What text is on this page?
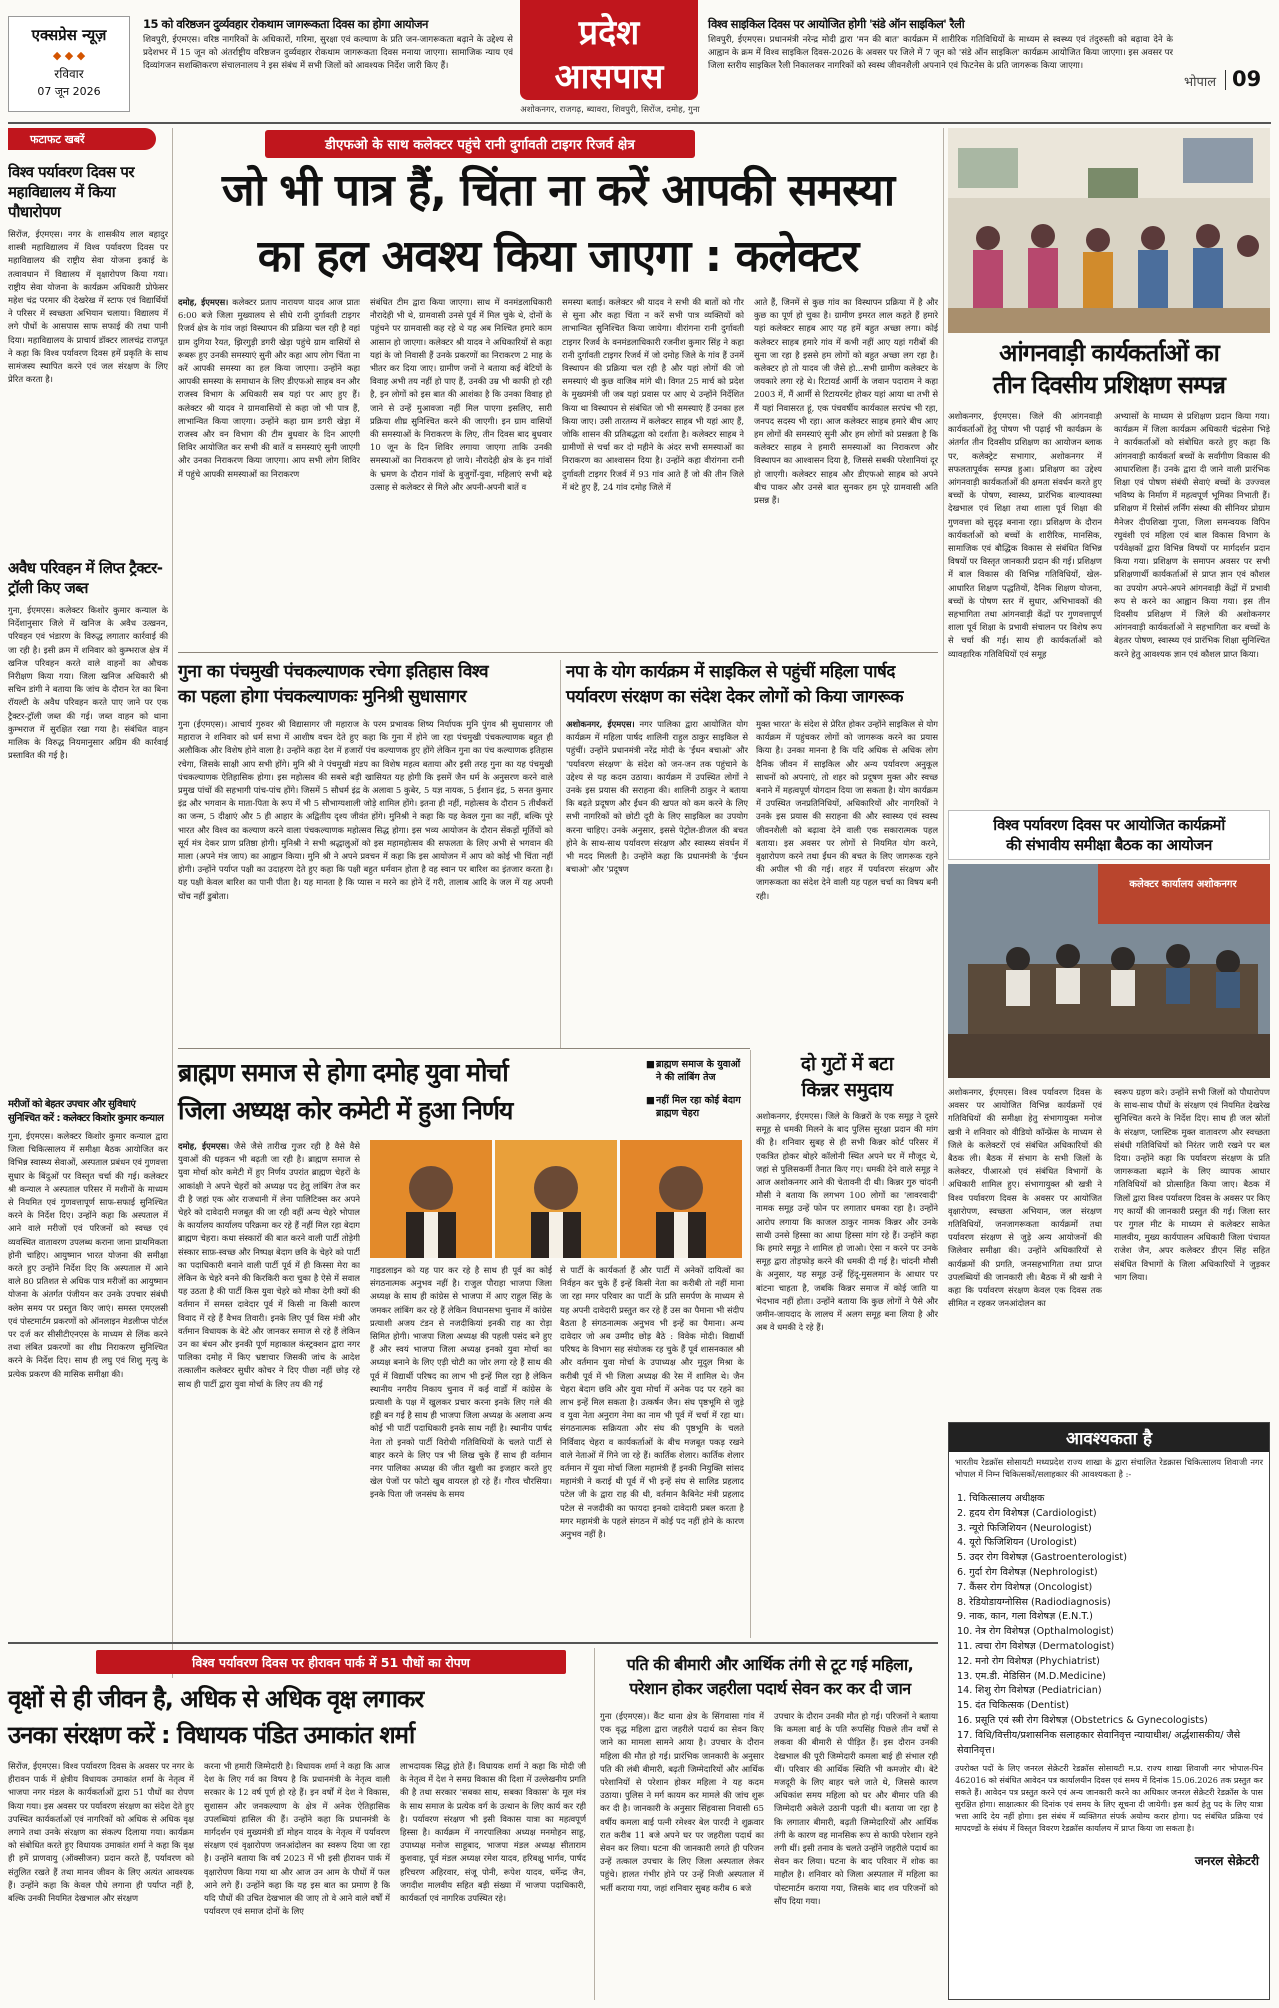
एक्सप्रेस न्यूज़
◆ ◆ ◆
रविवार
07 जून 2026
15 को वरिष्ठजन दुर्व्यवहार रोकथाम जागरूकता दिवस का होगा आयोजन
शिवपुरी, ईएमएस। वरिष्ठ नागरिकों के अधिकारों, गरिमा, सुरक्षा एवं कल्याण के प्रति जन-जागरूकता बढ़ाने के उद्देश्य से प्रदेशभर में 15 जून को अंतर्राष्ट्रीय वरिष्ठजन दुर्व्यवहार रोकथाम जागरूकता दिवस मनाया जाएगा। सामाजिक न्याय एवं दिव्यांगजन सशक्तिकरण संचालनालय ने इस संबंध में सभी जिलों को आवश्यक निर्देश जारी किए हैं।
प्रदेश
आसपास
अशोकनगर, राजगढ़, ब्यावरा, शिवपुरी, सिरोंज, दमोह, गुना
विश्व साइकिल दिवस पर आयोजित होगी 'संडे ऑन साइकिल' रैली
शिवपुरी, ईएमएस। प्रधानमंत्री नरेन्द्र मोदी द्वारा 'मन की बात' कार्यक्रम में शारीरिक गतिविधियों के माध्यम से स्वस्थ्य एवं तंदुरुस्ती को बढ़ावा देने के आह्वान के क्रम में विश्व साइकिल दिवस-2026 के अवसर पर जिले में 7 जून को 'संडे ऑन साइकिल' कार्यक्रम आयोजित किया जाएगा। इस अवसर पर जिला स्तरीय साइकिल रैली निकालकर नागरिकों को स्वस्थ जीवनशैली अपनाने एवं फिटनेस के प्रति जागरूक किया जाएगा।
भोपाल 09
फटाफट खबरें
विश्व पर्यावरण दिवस पर महाविद्यालय में किया पौधारोपण
सिरोंज, ईएमएस। नगर के शासकीय लाल बहादुर शास्त्री महाविद्यालय में विश्व पर्यावरण दिवस पर महाविद्यालय की राष्ट्रीय सेवा योजना इकाई के तत्वावधान में विद्यालय में वृक्षारोपण किया गया। राष्ट्रीय सेवा योजना के कार्यक्रम अधिकारी प्रोफेसर महेश चंद्र परमार की देखरेख में स्टाफ एवं विद्यार्थियों ने परिसर में स्वच्छता अभियान चलाया। विद्यालय में लगे पौधों के आसपास साफ सफाई की तथा पानी दिया। महाविद्यालय के प्राचार्य डॉक्टर लालचंद्र राजपूत ने कहा कि विश्व पर्यावरण दिवस हमें प्रकृति के साथ सामंजस्य स्थापित करने एवं जल संरक्षण के लिए प्रेरित करता है।
अवैध परिवहन में लिप्त ट्रैक्टर-ट्रॉली किए जब्त
गुना, ईएमएस। कलेक्टर किशोर कुमार कन्याल के निर्देशानुसार जिले में खनिज के अवैध उत्खनन, परिवहन एवं भंडारण के विरुद्ध लगातार कार्रवाई की जा रही है। इसी क्रम में शनिवार को कुम्भराज क्षेत्र में खनिज परिवहन करते वाले वाहनों का औचक निरीक्षण किया गया। जिला खनिज अधिकारी श्री सचिन डांगी ने बताया कि जांच के दौरान रेत का बिना रॉयल्टी के अवैध परिवहन करते पाए जाने पर एक ट्रैक्टर-ट्रॉली जब्त की गई। जब्त वाहन को थाना कुम्भराज में सुरक्षित रखा गया है। संबंधित वाहन मालिक के विरुद्ध नियमानुसार अग्रिम की कार्रवाई प्रस्तावित की गई है।
मरीजों को बेहतर उपचार और सुविधाएं सुनिश्चित करें : कलेक्टर किशोर कुमार कन्याल
गुना, ईएमएस। कलेक्टर किशोर कुमार कन्याल द्वारा जिला चिकित्सालय में समीक्षा बैठक आयोजित कर विभिन्न स्वास्थ्य सेवाओं, अस्पताल प्रबंधन एवं गुणवत्ता सुधार के बिंदुओं पर विस्तृत चर्चा की गई। कलेक्टर श्री कन्याल ने अस्पताल परिसर में मशीनों के माध्यम से नियमित एवं गुणवत्तापूर्ण साफ-सफाई सुनिश्चित करने के निर्देश दिए। उन्होंने कहा कि अस्पताल में आने वाले मरीजों एवं परिजनों को स्वच्छ एवं व्यवस्थित वातावरण उपलब्ध कराना जाना प्राथमिकता होनी चाहिए। आयुष्मान भारत योजना की समीक्षा करते हुए उन्होंने निर्देश दिए कि अस्पताल में आने वाले 80 प्रतिशत से अधिक पात्र मरीजों का आयुष्मान योजना के अंतर्गत पंजीयन कर उनके उपचार संबंधी क्लेम समय पर प्रस्तुत किए जाएं। समस्त एमएलसी एवं पोस्टमार्टम प्रकरणों को ऑनलाइन मेडलीप्स पोर्टल पर दर्ज कर सीसीटीएनएस के माध्यम से लिंक करने तथा लंबित प्रकरणों का शीघ्र निराकरण सुनिश्चित करने के निर्देश दिए। साथ ही लघु एवं शिशु मृत्यु के प्रत्येक प्रकरण की मासिक समीक्षा की।
डीएफओ के साथ कलेक्टर पहुंचे रानी दुर्गावती टाइगर रिजर्व क्षेत्र
जो भी पात्र हैं, चिंता ना करें आपकी समस्या
का हल अवश्य किया जाएगा : कलेक्टर
दमोह, ईएमएस। कलेक्टर प्रताप नारायण यादव आज प्रातः 6:00 बजे जिला मुख्यालय से सीधे रानी दुर्गावती टाइगर रिजर्व क्षेत्र के गांव जहां विस्थापन की प्रक्रिया चल रही है वहां ग्राम दुगिया रैयत, झिरगुड़ी डगरी खेड़ा पहुंचे ग्राम वासियों से रूबरू हुए उनकी समस्याएं सुनी और कहा आप लोग चिंता ना करें आपकी समस्या का हल किया जाएगा। उन्होंने कहा आपकी समस्या के समाधान के लिए डीएफओ साहब वन और राजस्व विभाग के अधिकारी सब यहां पर आए हुए हैं। कलेक्टर श्री यादव ने ग्रामवासियों से कहा जो भी पात्र हैं, लाभान्वित किया जाएगा। उन्होंने कहा ग्राम डगरी खेड़ा में राजस्व और वन विभाग की टीम बुधवार के दिन आएगी शिविर आयोजित कर सभी की बातें व समस्याएं सुनी जाएगी और उनका निराकरण किया जाएगा। आप सभी लोग शिविर में पहुंचे आपकी समस्याओं का निराकरण
संबंधित टीम द्वारा किया जाएगा। साथ में वनमंडलाधिकारी नौरादेही भी थे, ग्रामवासी उनसे पूर्व में मिल चुके थे, दोनों के पहुंचने पर ग्रामवासी कह रहे थे यह अब निश्चित हमारे काम आसान हो जाएगा। कलेक्टर श्री यादव ने अधिकारियों से कहा यहां के जो निवासी हैं उनके प्रकरणों का निराकरण 2 माह के भीतर कर दिया जाए। ग्रामीण जनों ने बताया कई बेटियों के विवाह अभी तय नहीं हो पाए हैं, उनकी उम्र भी काफी हो रही है, इन लोगों को इस बात की आशंका है कि उनका विवाह हो जाने से उन्हें मुआवजा नहीं मिल पाएगा इसलिए, सारी प्रक्रिया शीघ्र सुनिश्चित करने की जाएगी। इन ग्राम वासियों की समस्याओं के निराकरण के लिए, तीन दिवस बाद बुधवार 10 जून के दिन शिविर लगाया जाएगा ताकि उनकी समस्याओं का निराकरण हो जाये। नौरादेही क्षेत्र के इन गांवों के भ्रमण के दौरान गांवों के बुजुर्गों-युवा, महिलाएं सभी बढ़े उत्साह से कलेक्टर से मिले और अपनी-अपनी बातें व
समस्या बताई। कलेक्टर श्री यादव ने सभी की बातों को गौर से सुना और कहा चिंता न करें सभी पात्र व्यक्तियों को लाभान्वित सुनिश्चित किया जायेगा। वीरांगना रानी दुर्गावती टाइगर रिजर्व के वनमंडलाधिकारी रजनीश कुमार सिंह ने कहा रानी दुर्गावती टाइगर रिजर्व में जो दमोह जिले के गांव हैं उनमें विस्थापन की प्रक्रिया चल रही है और यहां लोगों की जो समस्याएं थी कुछ वाजिब मांगे थी। विगत 25 मार्च को प्रदेश के मुख्यमंत्री जी जब यहां प्रवास पर आए थे उन्होंने निर्देशित किया था विस्थापन से संबंधित जो भी समस्याएं हैं उनका हल किया जाए। उसी तारतम्य में कलेक्टर साहब भी यहां आए हैं, जोकि शासन की प्रतिबद्धता को दर्शाता है। कलेक्टर साहब ने ग्रामीणों से चर्चा कर दो महीने के अंदर सभी समस्याओं का निराकरण का आश्वासन दिया है। उन्होंने कहा वीरांगना रानी दुर्गावती टाइगर रिजर्व में 93 गांव आते हैं जो की तीन जिले में बंटे हुए हैं, 24 गांव दमोह जिले में
आते हैं, जिनमें से कुछ गांव का विस्थापन प्रक्रिया में है और कुछ का पूर्ण हो चुका है। ग्रामीण इमरत लाल कहते हैं हमारे यहां कलेक्टर साहब आए यह हमें बहुत अच्छा लगा। कोई कलेक्टर साहब हमारे गांव में कभी नहीं आए यहां गरीबों की सुना जा रहा है इससे हम लोगों को बहुत अच्छा लग रहा है। कलेक्टर हो तो यादव जी जैसे हो...सभी ग्रामीण कलेक्टर के जयकारे लगा रहे थे। रिटायर्ड आर्मी के जवान पदाराम ने कहा 2003 में, मैं आर्मी से रिटायरमेंट होकर यहां आया था तभी से मैं यहां निवासरत हूं, एक पंचवर्षीय कार्यकाल सरपंच भी रहा, जनपद सदस्य भी रहा। आज कलेक्टर साहब हमारे बीच आए हम लोगों की समस्याएं सुनी और हम लोगों को प्रसन्नता है कि कलेक्टर साहब ने हमारी समस्याओं का निराकरण और विस्थापन का आश्वासन दिया है, जिससे सबकी परेशानियां दूर हो जाएगी। कलेक्टर साहब और डीएफओ साहब को अपने बीच पाकर और उनसे बात सुनकर हम पूरे ग्रामवासी अति प्रसन्न हैं।
आंगनवाड़ी कार्यकर्ताओं का
तीन दिवसीय प्रशिक्षण सम्पन्न
अशोकनगर, ईएमएस। जिले की आंगनवाड़ी कार्यकर्ताओं हेतु पोषण भी पढ़ाई भी कार्यक्रम के अंतर्गत तीन दिवसीय प्रशिक्षण का आयोजन ब्लाक पर, कलेक्ट्रेट सभागार, अशोकनगर में सफलतापूर्वक सम्पन्न हुआ। प्रशिक्षण का उद्देश्य आंगनवाड़ी कार्यकर्ताओं की क्षमता संवर्धन करते हुए बच्चों के पोषण, स्वास्थ्य, प्रारंभिक बाल्यावस्था देखभाल एवं शिक्षा तथा शाला पूर्व शिक्षा की गुणवत्ता को सुदृढ़ बनाना रहा। प्रशिक्षण के दौरान कार्यकर्ताओं को बच्चों के शारीरिक, मानसिक, सामाजिक एवं बौद्धिक विकास से संबंधित विभिन्न विषयों पर विस्तृत जानकारी प्रदान की गई। प्रशिक्षण में बाल विकास की विभिन्न गतिविधियों, खेल-आधारित शिक्षण पद्धतियों, दैनिक शिक्षण योजना, बच्चों के पोषण स्तर में सुधार, अभिभावकों की सहभागिता तथा आंगनवाड़ी केंद्रों पर गुणवत्तापूर्ण शाला पूर्व शिक्षा के प्रभावी संचालन पर विशेष रूप से चर्चा की गई। साथ ही कार्यकर्ताओं को व्यावहारिक गतिविधियों एवं समूह
अभ्यासों के माध्यम से प्रशिक्षण प्रदान किया गया। कार्यक्रम में जिला कार्यक्रम अधिकारी चंद्रसेना भिड़े ने कार्यकर्ताओं को संबोधित करते हुए कहा कि आंगनवाड़ी कार्यकर्ता बच्चों के सर्वांगीण विकास की आधारशिला हैं। उनके द्वारा दी जाने वाली प्रारंभिक शिक्षा एवं पोषण संबंधी सेवाएं बच्चों के उज्ज्वल भविष्य के निर्माण में महत्वपूर्ण भूमिका निभाती हैं। प्रशिक्षण में रिसोर्स लर्निंग संस्था की सीनियर प्रोग्राम मैनेजर दीपशिखा गुप्ता, जिला समन्वयक विपिन रघुवंशी एवं महिला एवं बाल विकास विभाग के पर्यवेक्षकों द्वारा विभिन्न विषयों पर मार्गदर्शन प्रदान किया गया। प्रशिक्षण के समापन अवसर पर सभी प्रशिक्षणार्थी कार्यकर्ताओं से प्राप्त ज्ञान एवं कौशल का उपयोग अपने-अपने आंगनवाड़ी केंद्रों में प्रभावी रूप से करने का आह्वान किया गया। इस तीन दिवसीय प्रशिक्षण में जिले की अशोकनगर आंगनवाड़ी कार्यकर्ताओं ने सहभागिता कर बच्चों के बेहतर पोषण, स्वास्थ्य एवं प्रारंभिक शिक्षा सुनिश्चित करने हेतु आवश्यक ज्ञान एवं कौशल प्राप्त किया।
गुना का पंचमुखी पंचकल्याणक रचेगा इतिहास विश्व
का पहला होगा पंचकल्याणकः मुनिश्री सुधासागर
गुना (ईएमएस)। आचार्य गुरुवर श्री विद्यासागर जी महाराज के परम प्रभावक शिष्य निर्यापक मुनि पुंगव श्री सुधासागर जी महाराज ने शनिवार को धर्म सभा में आशीष वचन देते हुए कहा कि गुना में होने जा रहा पंचमुखी पंचकल्याणक बहुत ही अलौकिक और विशेष होने वाला है। उन्होंने कहा देश में हजारों पंच कल्याणक हुए होंगे लेकिन गुना का पंच कल्याणक इतिहास रचेगा, जिसके साक्षी आप सभी होंगे। मुनि श्री ने पंचमुखी मंडप का विशेष महत्व बताया और इसी तरह गुना का यह पंचमुखी पंचकल्याणक ऐतिहासिक होगा। इस महोत्सव की सबसे बड़ी खासियत यह होगी कि इसमें जैन धर्म के अनुसरण करने वाले प्रमुख पांचों की सहभागी पांच-पांच होंगे। जिसमें 5 सौधर्म इंद्र के अलावा 5 कुबेर, 5 यज्ञ नायक, 5 ईशान इंद्र, 5 सनत कुमार इंद्र और भगवान के माता-पिता के रूप में भी 5 सौभाग्यशाली जोड़े शामिल होंगे। इतना ही नहीं, महोत्सव के दौरान 5 तीर्थंकरों का जन्म, 5 दीक्षाएं और 5 ही आहार के अद्वितीय दृश्य जीवंत होंगे। मुनिश्री ने कहा कि यह केवल गुना का नहीं, बल्कि पूरे भारत और विश्व का कल्याण करने वाला पंचकल्याणक महोत्सव सिद्ध होगा। इस भव्य आयोजन के दौरान सेंकड़ों मूर्तियों को सूर्य मंत्र देकर प्राण प्रतिष्ठा होगी। मुनिश्री ने सभी श्रद्धालुओं को इस महामहोत्सव की सफलता के लिए अभी से भगवान की माला (अपने मंत्र जाप) का आह्वान किया। मुनि श्री ने अपने प्रवचन में कहा कि इस आयोजन में आप को कोई भी चिंता नहीं होगी। उन्होंने पर्याप्त पक्षी का उदाहरण देते हुए कहा कि पक्षी बहुत धर्मवान होता है वह स्वान पर बारिश का इंतजार करता है। यह पक्षी केवल बारिश का पानी पीता है। यह मानता है कि प्यास न मरने का होने दें गरी, तालाब आदि के जल में यह अपनी चोंच नहीं डुबोता।
नपा के योग कार्यक्रम में साइकिल से पहुंचीं महिला पार्षद
पर्यावरण संरक्षण का संदेश देकर लोगों को किया जागरूक
अशोकनगर, ईएमएस। नगर पालिका द्वारा आयोजित योग कार्यक्रम में महिला पार्षद शालिनी राहुल ठाकुर साइकिल से पहुंचीं। उन्होंने प्रधानमंत्री नरेंद्र मोदी के 'ईंधन बचाओ' और 'पर्यावरण संरक्षण' के संदेश को जन-जन तक पहुंचाने के उद्देश्य से यह कदम उठाया। कार्यक्रम में उपस्थित लोगों ने उनके इस प्रयास की सराहना की। शालिनी ठाकुर ने बताया कि बढ़ते प्रदूषण और ईंधन की खपत को कम करने के लिए सभी नागरिकों को छोटी दूरी के लिए साइकिल का उपयोग करना चाहिए। उनके अनुसार, इससे पेट्रोल-डीजल की बचत होने के साथ-साथ पर्यावरण संरक्षण और स्वास्थ्य संवर्धन में भी मदद मिलती है। उन्होंने कहा कि प्रधानमंत्री के 'ईंधन बचाओ' और 'प्रदूषण
मुक्त भारत' के संदेश से प्रेरित होकर उन्होंने साइकिल से योग कार्यक्रम में पहुंचकर लोगों को जागरूक करने का प्रयास किया है। उनका मानना है कि यदि अधिक से अधिक लोग दैनिक जीवन में साइकिल और अन्य पर्यावरण अनुकूल साधनों को अपनाएं, तो शहर को प्रदूषण मुक्त और स्वच्छ बनाने में महत्वपूर्ण योगदान दिया जा सकता है। योग कार्यक्रम में उपस्थित जनप्रतिनिधियों, अधिकारियों और नागरिकों ने उनके इस प्रयास की सराहना की और स्वास्थ्य एवं स्वस्थ जीवनशैली को बढ़ावा देने वाली एक सकारात्मक पहल बताया। इस अवसर पर लोगों से नियमित योग करने, वृक्षारोपण करने तथा ईंधन की बचत के लिए जागरूक रहने की अपील भी की गई। शहर में पर्यावरण संरक्षण और जागरूकता का संदेश देने वाली यह पहल चर्चा का विषय बनी रही।
दो गुटों में बटा
किन्नर समुदाय
अशोकनगर, ईएमएस। जिले के किन्नरों के एक समूह ने दूसरे समूह से धमकी मिलने के बाद पुलिस सुरक्षा प्रदान की मांग की है। शनिवार सुबह से ही सभी किन्नर कोर्ट परिसर में एकत्रित होकर बोहरे कॉलोनी स्थित अपने घर में मौजूद थे, जहां से पुलिसकर्मी तैनात किए गए। धमकी देने वाले समूह ने आज अशोकनगर आने की चेतावनी दी थी। किन्नर गुरु चांदनी मौसी ने बताया कि लगभग 100 लोगों का 'लावरवादी' नामक समूह उन्हें फोन पर लगातार धमका रहा है। उन्होंने आरोप लगाया कि काजल ठाकुर नामक किन्नर और उनके साथी उनसे हिस्सा का आधा हिस्सा मांग रहे हैं। उन्होंने कहा कि हमारे समूह ने शामिल हो जाओ। ऐसा न करने पर उनके समूह द्वारा तोड़फोड़ करने की धमकी दी गई है। चांदनी मौसी के अनुसार, यह समूह उन्हें हिंदू-मुसलमान के आधार पर बांटना चाहता है, जबकि किन्नर समाज में कोई जाति या भेदभाव नहीं होता। उन्होंने बताया कि कुछ लोगों ने पैसे और जमीन-जायदाद के लालच में अलग समूह बना लिया है और अब वे धमकी दे रहे हैं।
विश्व पर्यावरण दिवस पर आयोजित कार्यक्रमों
की संभावीय समीक्षा बैठक का आयोजन
कलेक्टर कार्यालय अशोकनगर
अशोकनगर, ईएमएस। विश्व पर्यावरण दिवस के अवसर पर आयोजित विभिन्न कार्यक्रमों एवं गतिविधियों की समीक्षा हेतु संभागायुक्त मनोज खत्री ने शनिवार को वीडियो कॉन्फ्रेंस के माध्यम से जिले के कलेक्टरों एवं संबंधित अधिकारियों की बैठक ली। बैठक में संभाग के सभी जिलों के कलेक्टर, पीआरओ एवं संबंधित विभागों के अधिकारी शामिल हुए। संभागायुक्त श्री खत्री ने विश्व पर्यावरण दिवस के अवसर पर आयोजित वृक्षारोपण, स्वच्छता अभियान, जल संरक्षण गतिविधियों, जनजागरूकता कार्यक्रमों तथा पर्यावरण संरक्षण से जुड़े अन्य आयोजनों की जिलेवार समीक्षा की। उन्होंने अधिकारियों से कार्यक्रमों की प्रगति, जनसहभागिता तथा प्राप्त उपलब्धियों की जानकारी ली। बैठक में श्री खत्री ने कहा कि पर्यावरण संरक्षण केवल एक दिवस तक सीमित न रहकर जनआंदोलन का
स्वरूप ग्रहण करे। उन्होंने सभी जिलों को पौधारोपण के साथ-साथ पौधों के संरक्षण एवं नियमित देखरेख सुनिश्चित करने के निर्देश दिए। साथ ही जल स्रोतों के संरक्षण, प्लास्टिक मुक्त वातावरण और स्वच्छता संबंधी गतिविधियों को निरंतर जारी रखने पर बल दिया। उन्होंने कहा कि पर्यावरण संरक्षण के प्रति जागरूकता बढ़ाने के लिए व्यापक आधार गतिविधियों को प्रोत्साहित किया जाए। बैठक में जिलों द्वारा विश्व पर्यावरण दिवस के अवसर पर किए गए कार्यों की जानकारी प्रस्तुत की गई। जिला स्तर पर गुगल मीट के माध्यम से कलेक्टर साकेत मालवीय, मुख्य कार्यपालन अधिकारी जिला पंचायत राजेश जैन, अपर कलेक्टर डीएन सिंह सहित संबंधित विभागों के जिला अधिकारियों ने जुड़कर भाग लिया।
ब्राह्मण समाज से होगा दमोह युवा मोर्चा
जिला अध्यक्ष कोर कमेटी में हुआ निर्णय
■ ब्राह्मण समाज के युवाओं ने की लांबिंग तेज
■ नहीं मिल रहा कोई बेदाग ब्राह्मण चेहरा
दमोह, ईएमएस। जैसे जैसे तारीख गुजर रही है वैसे वैसे युवाओं की धड़कन भी बढ़ती जा रही है। ब्राह्मण समाज से युवा मोर्चा कोर कमेटी में हुए निर्णय उपरांत ब्राह्मण चेहरों के आकांक्षी ने अपने चेहरों को अध्यक्ष पद हेतु लांबिंग तेज कर दी है जहां एक ओर राजधानी में लेना पालिटिक्स कर अपने चेहरे को दावेदारी मजबूत की जा रही वहीं अन्य चेहरे भोपाल के कार्यालय कार्यालय परिक्रमा कर रहे हैं नहीं मिल रहा बेदाग ब्राह्मण चेहरा। कथा संस्कारों की बात करने वाली पार्टी तोड़ेगी संस्कार साफ़-स्वच्छ और निष्पक्ष बेदाग छवि के चेहरे को पार्टी का पदाधिकारी बनाने वाली पार्टी पूर्व में ही किस्सा मेरा का लेकिन के चेहरे बनने की किरकिरी करा चुका है ऐसे में सवाल यह उठता है की पार्टी किस युवा चेहरे को मौका देगी क्यों की वर्तमान में समस्त दावेदार पूर्व में किसी ना किसी कारण विवाद में रहे हैं वैभव तिवारी। इनके लिए पूर्व विस मंत्री और वर्तमान विधायक के बेटे और जानकर समाज से रहे हैं लेकिन उन का बंधन और इनकी पूर्ण महाकाल कंस्ट्रक्शन द्वारा नगर पालिका दमोह में किए भ्रष्टाचार जिसकी जांच के आदेश तत्कालीन कलेक्टर सुधीर कोचर ने दिए पीछा नहीं छोड़ रहे साथ ही पार्टी द्वारा युवा मोर्चा के लिए तय की गई
गाइडलाइन को यह पार कर रहे है साथ ही पूर्व का कोई संगठनात्मक अनुभव नहीं है। राजुल पौराहा भाजपा जिला अध्यक्ष के साथ ही कांग्रेस से भाजपा में आए राहुल सिंह के जमकर लांबिंग कर रहे हैं लेकिन विधानसभा चुनाव में कांग्रेस प्रत्याशी अजय टंडन से नजदीकियां इनकी राह का रोड़ा सिमित होगी। भाजपा जिला अध्यक्ष की पहली पसंद बने हुए हैं और स्वयं भाजपा जिला अध्यक्ष इनको युवा मोर्चा का अध्यक्ष बनाने के लिए एड़ी चोटी का जोर लगा रहे हैं साथ की पूर्व में विद्यार्थी परिषद का लाभ भी इन्हें मिल रहा है लेकिन स्थानीय नगरीय निकाय चुनाव में कई वार्डों में कांग्रेस के प्रत्याशी के पक्ष में खुलकर प्रचार करना इनके लिए गले की हड्डी बन गई है साथ ही भाजपा जिला अध्यक्ष के अलावा अन्य कोई भी पार्टी पदाधिकारी इनके साथ नहीं है। स्थानीय पार्षद नेता तो इनको पार्टी विरोधी गतिविधियों के चलते पार्टी से बाहर करने के लिए पत्र भी लिख चुके हैं साथ ही वर्तमान नगर पालिका अध्यक्ष की जीत खुशी का इजहार करते हुए खेल पेजों पर फोटो खुब वायरल हो रहे हैं। गौरव चौरसिया। इनके पिता जी जनसंघ के समय
से पार्टी के कार्यकर्ता हैं और पार्टी में अनेकों दायित्वों का निर्वहन कर चुके हैं इन्हें किसी नेता का करीबी तो नहीं माना जा रहा मगर परिवार का पार्टी के प्रति समर्पण के माध्यम से यह अपनी दावेदारी प्रस्तुत कर रहे हैं उस का पैमाना भी संदीप बैठता है संगठनात्मक अनुभव भी इन्हें का पैमाना। अन्य दावेदार जो अब उम्मीद छोड़ बैठे : विवेक मोदी। विद्यार्थी परिषद के विभाग सह संयोजक रह चुके हैं पूर्व शासनकाल श्री और वर्तमान युवा मोर्चा के उपाध्यक्ष और मुदुल मिश्रा के करीबी पूर्व में भी जिला अध्यक्ष की रेस में शामिल थे। जैन चेहरा बेदाग छवि और युवा मोर्चा में अनेक पद पर रहने का लाभ इन्हें मिल सकता है। उत्कर्षन जैन। संघ पृष्ठभूमि से जुड़े व युवा नेता अनुराग नेमा का नाम भी पूर्व में चर्चा में रहा था। संगठनात्मक सक्रियता और संघ की पृष्ठभूमि के चलते निर्विवाद चेहरा व कार्यकर्ताओं के बीच मजबूत पकड़ रखने वाले नेताओं में गिने जा रहे हैं। कार्तिक शेलार। कार्तिक शेलार वर्तमान में युवा मोर्चा जिला महामंत्री हैं इनकी नियुक्ति सांसद महामंत्री ने कराई थी पूर्व में भी इन्हें संघ से सालिड प्रहलाद पटेल जी के द्वारा राह की थी, वर्तमान कैबिनेट मंत्री प्रहलाद पटेल से नजदीकी का फायदा इनको दावेदारी प्रबल करता है मगर महामंत्री के पहले संगठन में कोई पद नहीं होने के कारण अनुभव नहीं है।
आवश्यकता है
भारतीय रेडक्रॉस सोसायटी मध्यप्रदेश राज्य शाखा के द्वारा संचालित रेडक्रास चिकित्सालय शिवाजी नगर भोपाल में निम्न चिकित्सकों/सलाहकार की आवश्यकता है :-
1. चिकित्सालय अधीक्षक
2. हृदय रोग विशेषज्ञ (Cardiologist)
3. न्यूरो फिजिशियन (Neurologist)
4. यूरो फिजिशियन (Urologist)
5. उदर रोग विशेषज्ञ (Gastroenterologist)
6. गुर्दा रोग विशेषज्ञ (Nephrologist)
7. कैंसर रोग विशेषज्ञ (Oncologist)
8. रेडियोडायग्नोसिस (Radiodiagnosis)
9. नाक, कान, गला विशेषज्ञ (E.N.T.)
10. नेत्र रोग विशेषज्ञ (Opthalmologist)
11. त्वचा रोग विशेषज्ञ (Dermatologist)
12. मनो रोग विशेषज्ञ (Phychiatrist)
13. एम.डी. मेडिसिन (M.D.Medicine)
14. शिशु रोग विशेषज्ञ (Pediatrician)
15. दंत चिकित्सक (Dentist)
16. प्रसूति एवं स्त्री रोग विशेषज्ञ (Obstetrics & Gynecologists)
17. विधि/वित्तीय/प्रशासनिक सलाहकार सेवानिवृत्त न्यायाधीश/ अर्द्धशासकीय/ जैसे सेवानिवृत्त।
उपरोक्त पदों के लिए जनरल सेक्रेटरी रेडक्रॉस सोसायटी म.प्र. राज्य शाखा शिवाजी नगर भोपाल-पिन 462016 को संबंधित आवेदन पत्र कार्यालयीन दिवस एवं समय में दिनांक 15.06.2026 तक प्रस्तुत कर सकते हैं। आवेदन पत्र प्रस्तुत करने एवं अन्य जानकारी करने का अधिकार जनरल सेक्रेटरी रेडक्रॉस के पास सुरक्षित होगा। साक्षात्कार की दिनांक एवं समय के लिए सूचना दी जायेगी। इस कार्य हेतु पद के लिए यात्रा भत्ता आदि देय नहीं होगा। इस संबंध में व्यक्तिगत संपर्क अयोग्य करार होगा। पद संबंधित प्रक्रिया एवं मापदण्डों के संबंध में विस्तृत विवरण रेडक्रॉस कार्यालय में प्राप्त किया जा सकता है।
जनरल सेक्रेटरी
विश्व पर्यावरण दिवस पर हीरावन पार्क में 51 पौधों का रोपण
वृक्षों से ही जीवन है, अधिक से अधिक वृक्ष लगाकर
उनका संरक्षण करें : विधायक पंडित उमाकांत शर्मा
सिरोंज, ईएमएस। विश्व पर्यावरण दिवस के अवसर पर नगर के हीरावन पार्क में क्षेत्रीय विधायक उमाकांत शर्मा के नेतृत्व में भाजपा नगर मंडल के कार्यकर्ताओं द्वारा 51 पौधों का रोपण किया गया। इस अवसर पर पर्यावरण संरक्षण का संदेश देते हुए उपस्थित कार्यकर्ताओं एवं नागरिकों को अधिक से अधिक वृक्ष लगाने तथा उनके संरक्षण का संकल्प दिलाया गया। कार्यक्रम को संबोधित करते हुए विधायक उमाकांत शर्मा ने कहा कि वृक्ष ही हमें प्राणवायु (ऑक्सीजन) प्रदान करते हैं, पर्यावरण को संतुलित रखते हैं तथा मानव जीवन के लिए अत्यंत आवश्यक हैं। उन्होंने कहा कि केवल पौधे लगाना ही पर्याप्त नहीं है, बल्कि उनकी नियमित देखभाल और संरक्षण
करना भी हमारी जिम्मेदारी है। विधायक शर्मा ने कहा कि आज देश के लिए गर्व का विषय है कि प्रधानमंत्री के नेतृत्व वाली सरकार के 12 वर्ष पूर्ण हो रहे हैं। इन वर्षों में देश ने विकास, सुशासन और जनकल्याण के क्षेत्र में अनेक ऐतिहासिक उपलब्धियां हासिल की हैं। उन्होंने कहा कि प्रधानमंत्री के मार्गदर्शन एवं मुख्यमंत्री डॉ मोहन यादव के नेतृत्व में पर्यावरण संरक्षण एवं वृक्षारोपण जनआंदोलन का स्वरूप दिया जा रहा है। उन्होंने बताया कि वर्ष 2023 में भी इसी हीरावन पार्क में वृक्षारोपण किया गया था और आज उन आम के पौधों में फल आने लगे हैं। उन्होंने कहा कि यह इस बात का प्रमाण है कि यदि पौधों की उचित देखभाल की जाए तो वे आने वाले वर्षों में पर्यावरण एवं समाज दोनों के लिए
लाभदायक सिद्ध होते हैं। विधायक शर्मा ने कहा कि मोदी जी के नेतृत्व में देश ने समग्र विकास की दिशा में उल्लेखनीय प्रगति की है तथा सरकार 'सबका साथ, सबका विकास' के मूल मंत्र के साथ समाज के प्रत्येक वर्ग के उत्थान के लिए कार्य कर रही है। पर्यावरण संरक्षण भी इसी विकास यात्रा का महत्वपूर्ण हिस्सा है। कार्यक्रम में नगरपालिका अध्यक्ष मनमोहन साहू, उपाध्यक्ष मनोज साहूबाद, भाजपा मंडल अध्यक्ष सीताराम कुशवाह, पूर्व मंडल अध्यक्ष रमेश यादव, हरिबक्षु भार्गव, पार्षद हरिचरण अहिरवार, संजू पोनी, रूपेश यादव, धर्मेन्द्र जैन, जगदीश मालवीय सहित बड़ी संख्या में भाजपा पदाधिकारी, कार्यकर्ता एवं नागरिक उपस्थित रहे।
पति की बीमारी और आर्थिक तंगी से टूट गई महिला,
परेशान होकर जहरीला पदार्थ सेवन कर कर दी जान
गुना (ईएमएस)। कैंट थाना क्षेत्र के सिंगवासा गांव में एक वृद्ध महिला द्वारा जहरीले पदार्थ का सेवन किए जाने का मामला सामने आया है। उपचार के दौरान महिला की मौत हो गई। प्रारंभिक जानकारी के अनुसार पति की लंबी बीमारी, बढ़ती जिम्मेदारियों और आर्थिक परेशानियों से परेशान होकर महिला ने यह कदम उठाया। पुलिस ने मर्ग कायम कर मामले की जांच शुरू कर दी है। जानकारी के अनुसार सिंहवासा निवासी 65 वर्षीय कमला बाई पत्नी रमेश्वर बेल पारदी ने शुक्रवार रात करीब 11 बजे अपने घर पर जहरीला पदार्थ का सेवन कर लिया। घटना की जानकारी लगते ही परिजन उन्हें तत्काल उपचार के लिए जिला अस्पताल लेकर पहुंचे। हालत गंभीर होने पर उन्हें निजी अस्पताल में भर्ती कराया गया, जहां शनिवार सुबह करीब 6 बजे
उपचार के दौरान उनकी मौत हो गई। परिजनों ने बताया कि कमला बाई के पति रूपसिंह पिछले तीन वर्षों से लकवा की बीमारी से पीड़ित हैं। इस दौरान उनकी देखभाल की पूरी जिम्मेदारी कमला बाई ही संभाल रही थीं। परिवार की आर्थिक स्थिति भी कमजोर थी। बेटे मजदूरी के लिए बाहर चले जाते थे, जिससे कारण अधिकांश समय महिला को घर और बीमार पति की जिम्मेदारी अकेले उठानी पड़ती थी। बताया जा रहा है कि लगातार बीमारी, बढ़ती जिम्मेदारियों और आर्थिक तंगी के कारण वह मानसिक रूप से काफी परेशान रहने लगी थीं। इसी तनाव के चलते उन्होंने जहरीले पदार्थ का सेवन कर लिया। घटना के बाद परिवार में शोक का माहौल है। शनिवार को जिला अस्पताल में महिला का पोस्टमार्टम कराया गया, जिसके बाद शव परिजनों को सौंप दिया गया।
